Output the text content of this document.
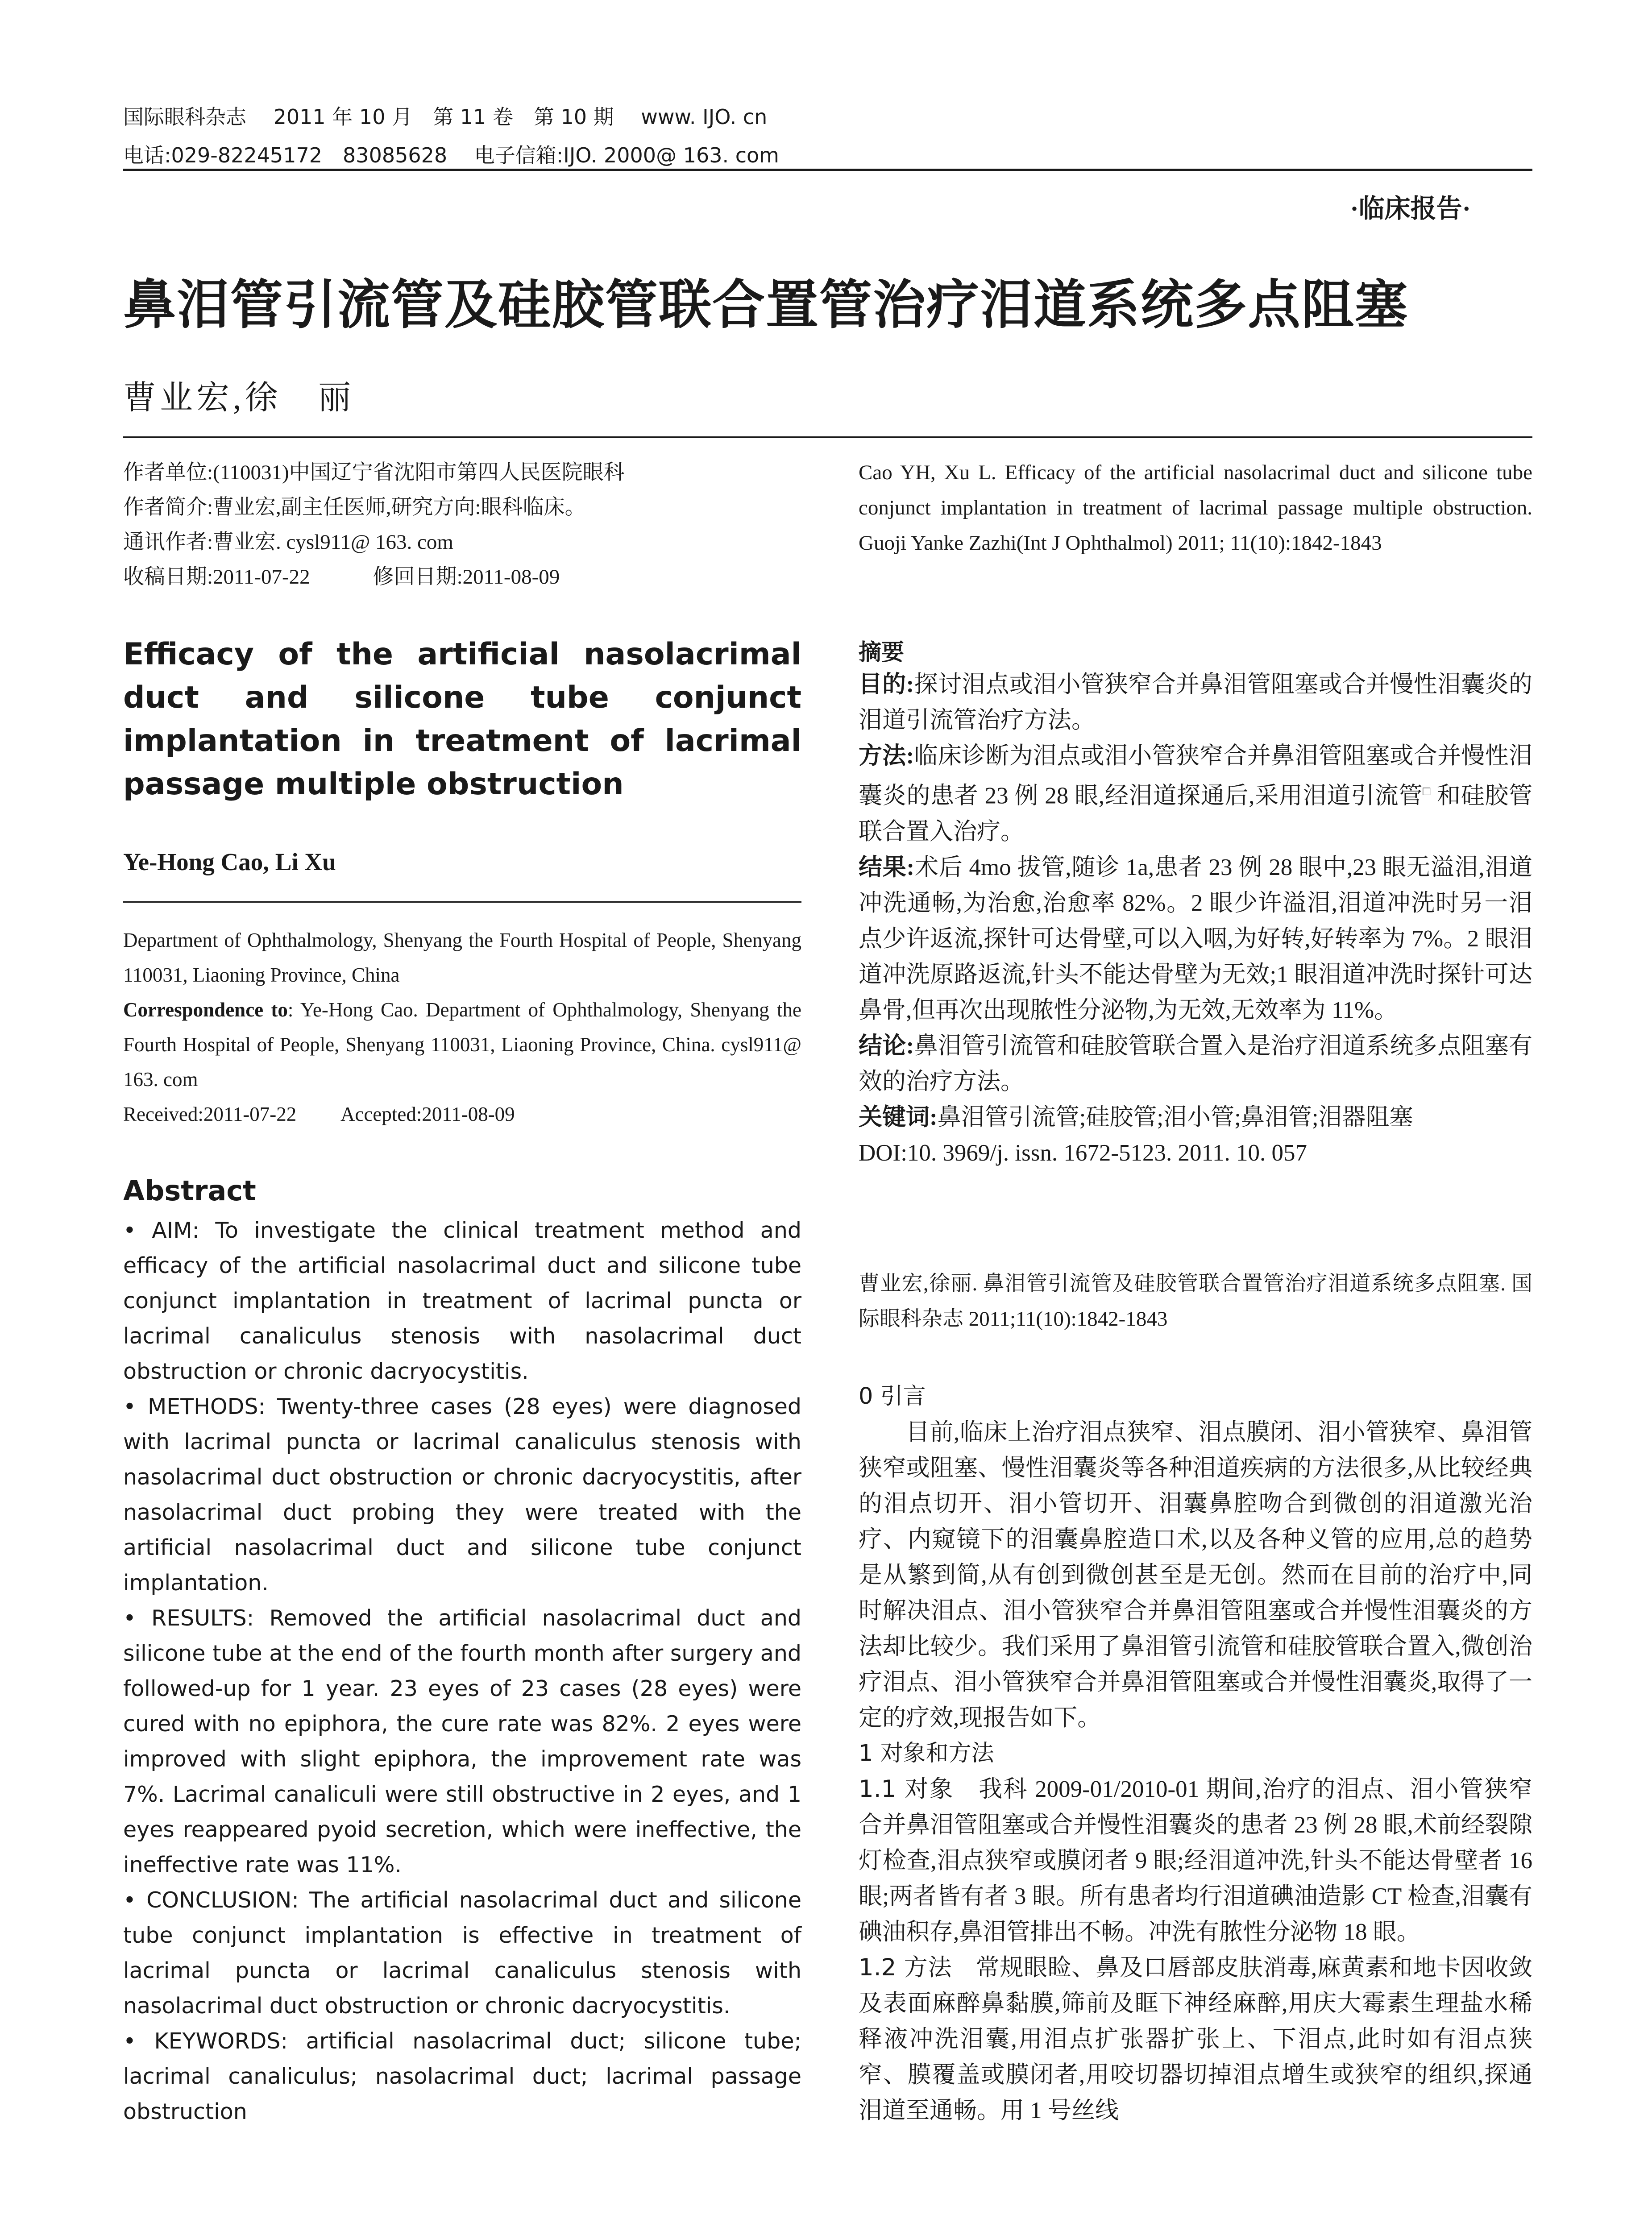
国际眼科杂志　 2011 年 10 月　第 11 卷　第 10 期　 www. IJO. cn
电话:029-82245172　83085628　 电子信箱:IJO. 2000@ 163. com
·临床报告·
鼻泪管引流管及硅胶管联合置管治疗泪道系统多点阻塞
曹业宏,徐　丽
作者单位:(110031)中国辽宁省沈阳市第四人民医院眼科
作者简介:曹业宏,副主任医师,研究方向:眼科临床。
通讯作者:曹业宏. cysl911@ 163. com
收稿日期:2011-07-22　　　修回日期:2011-08-09
Efficacy of the artificial nasolacrimal duct and silicone tube conjunct implantation in treatment of lacrimal passage multiple obstruction
Ye-Hong Cao, Li Xu
Department of Ophthalmology, Shenyang the Fourth Hospital of People, Shenyang 110031, Liaoning Province, China
Correspondence to: Ye-Hong Cao. Department of Ophthalmology, Shenyang the Fourth Hospital of People, Shenyang 110031, Liaoning Province, China. cysl911@ 163. com
Received:2011-07-22　　 Accepted:2011-08-09
Abstract

• AIM: To investigate the clinical treatment method and efficacy of the artificial nasolacrimal duct and silicone tube conjunct implantation in treatment of lacrimal puncta or lacrimal canaliculus stenosis with nasolacrimal duct obstruction or chronic dacryocystitis.

• METHODS: Twenty-three cases (28 eyes) were diagnosed with lacrimal puncta or lacrimal canaliculus stenosis with nasolacrimal duct obstruction or chronic dacryocystitis, after nasolacrimal duct probing they were treated with the artificial nasolacrimal duct and silicone tube conjunct implantation.

• RESULTS: Removed the artificial nasolacrimal duct and silicone tube at the end of the fourth month after surgery and followed-up for 1 year. 23 eyes of 23 cases (28 eyes) were cured with no epiphora, the cure rate was 82%. 2 eyes were improved with slight epiphora, the improvement rate was 7%. Lacrimal canaliculi were still obstructive in 2 eyes, and 1 eyes reappeared pyoid secretion, which were ineffective, the ineffective rate was 11%.

• CONCLUSION: The artificial nasolacrimal duct and silicone tube conjunct implantation is effective in treatment of lacrimal puncta or lacrimal canaliculus stenosis with nasolacrimal duct obstruction or chronic dacryocystitis.

• KEYWORDS: artificial nasolacrimal duct; silicone tube; lacrimal canaliculus; nasolacrimal duct; lacrimal passage obstruction

Cao YH, Xu L. Efficacy of the artificial nasolacrimal duct and silicone tube conjunct implantation in treatment of lacrimal passage multiple obstruction. Guoji Yanke Zazhi(Int J Ophthalmol) 2011; 11(10):1842-1843
摘要

目的:探讨泪点或泪小管狭窄合并鼻泪管阻塞或合并慢性泪囊炎的泪道引流管治疗方法。

方法:临床诊断为泪点或泪小管狭窄合并鼻泪管阻塞或合并慢性泪囊炎的患者 23 例 28 眼,经泪道探通后,采用泪道引流管□ 和硅胶管联合置入治疗。

结果:术后 4mo 拔管,随诊 1a,患者 23 例 28 眼中,23 眼无溢泪,泪道冲洗通畅,为治愈,治愈率 82%。2 眼少许溢泪,泪道冲洗时另一泪点少许返流,探针可达骨壁,可以入咽,为好转,好转率为 7%。2 眼泪道冲洗原路返流,针头不能达骨壁为无效;1 眼泪道冲洗时探针可达鼻骨,但再次出现脓性分泌物,为无效,无效率为 11%。

结论:鼻泪管引流管和硅胶管联合置入是治疗泪道系统多点阻塞有效的治疗方法。

关键词:鼻泪管引流管;硅胶管;泪小管;鼻泪管;泪器阻塞

DOI:10. 3969/j. issn. 1672-5123. 2011. 10. 057

曹业宏,徐丽. 鼻泪管引流管及硅胶管联合置管治疗泪道系统多点阻塞. 国际眼科杂志 2011;11(10):1842-1843
0 引言

目前,临床上治疗泪点狭窄、泪点膜闭、泪小管狭窄、鼻泪管狭窄或阻塞、慢性泪囊炎等各种泪道疾病的方法很多,从比较经典的泪点切开、泪小管切开、泪囊鼻腔吻合到微创的泪道激光治疗、内窥镜下的泪囊鼻腔造口术,以及各种义管的应用,总的趋势是从繁到简,从有创到微创甚至是无创。然而在目前的治疗中,同时解决泪点、泪小管狭窄合并鼻泪管阻塞或合并慢性泪囊炎的方法却比较少。我们采用了鼻泪管引流管和硅胶管联合置入,微创治疗泪点、泪小管狭窄合并鼻泪管阻塞或合并慢性泪囊炎,取得了一定的疗效,现报告如下。

1 对象和方法

1.1 对象　我科 2009-01/2010-01 期间,治疗的泪点、泪小管狭窄合并鼻泪管阻塞或合并慢性泪囊炎的患者 23 例 28 眼,术前经裂隙灯检查,泪点狭窄或膜闭者 9 眼;经泪道冲洗,针头不能达骨壁者 16 眼;两者皆有者 3 眼。所有患者均行泪道碘油造影 CT 检查,泪囊有碘油积存,鼻泪管排出不畅。冲洗有脓性分泌物 18 眼。

1.2 方法　常规眼睑、鼻及口唇部皮肤消毒,麻黄素和地卡因收敛及表面麻醉鼻黏膜,筛前及眶下神经麻醉,用庆大霉素生理盐水稀释液冲洗泪囊,用泪点扩张器扩张上、下泪点,此时如有泪点狭窄、膜覆盖或膜闭者,用咬切器切掉泪点增生或狭窄的组织,探通泪道至通畅。用 1 号丝线
